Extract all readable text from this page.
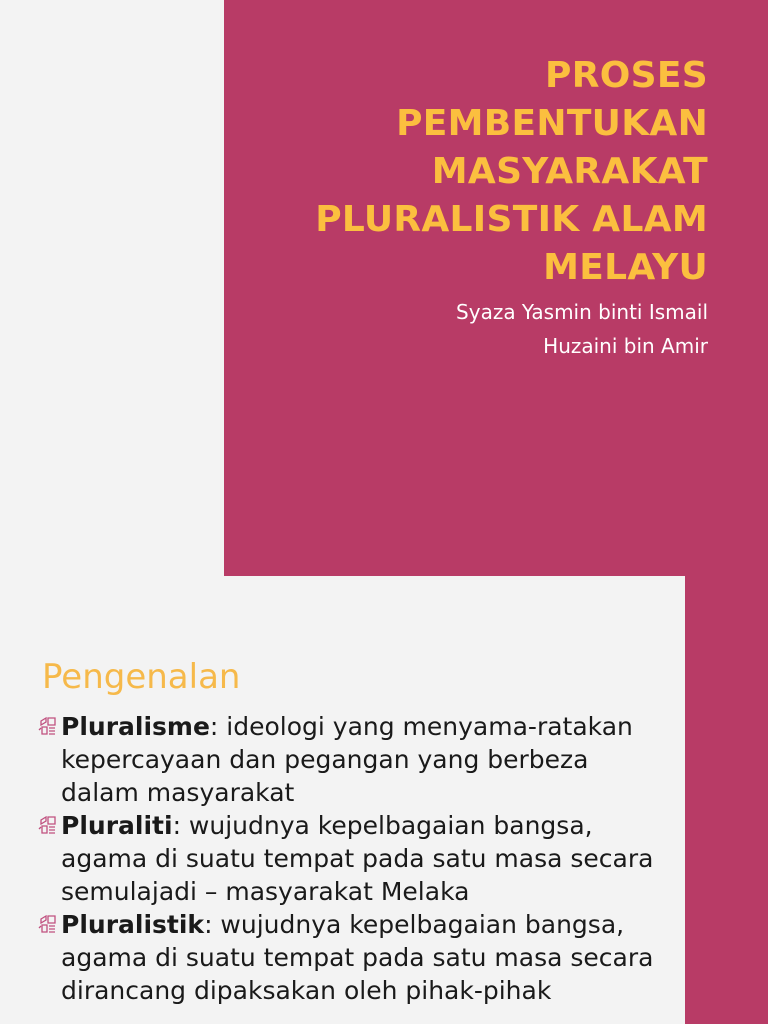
PROSES
PEMBENTUKAN
MASYARAKAT
PLURALISTIK ALAM
MELAYU
Syaza Yasmin binti Ismail
Huzaini bin Amir
Pengenalan
Pluralisme: ideologi yang menyama-ratakan kepercayaan dan pegangan yang berbeza dalam masyarakat
Pluraliti: wujudnya kepelbagaian bangsa, agama di suatu tempat pada satu masa secara semulajadi – masyarakat Melaka
Pluralistik: wujudnya kepelbagaian bangsa, agama di suatu tempat pada satu masa secara dirancang dipaksakan oleh pihak-pihak
